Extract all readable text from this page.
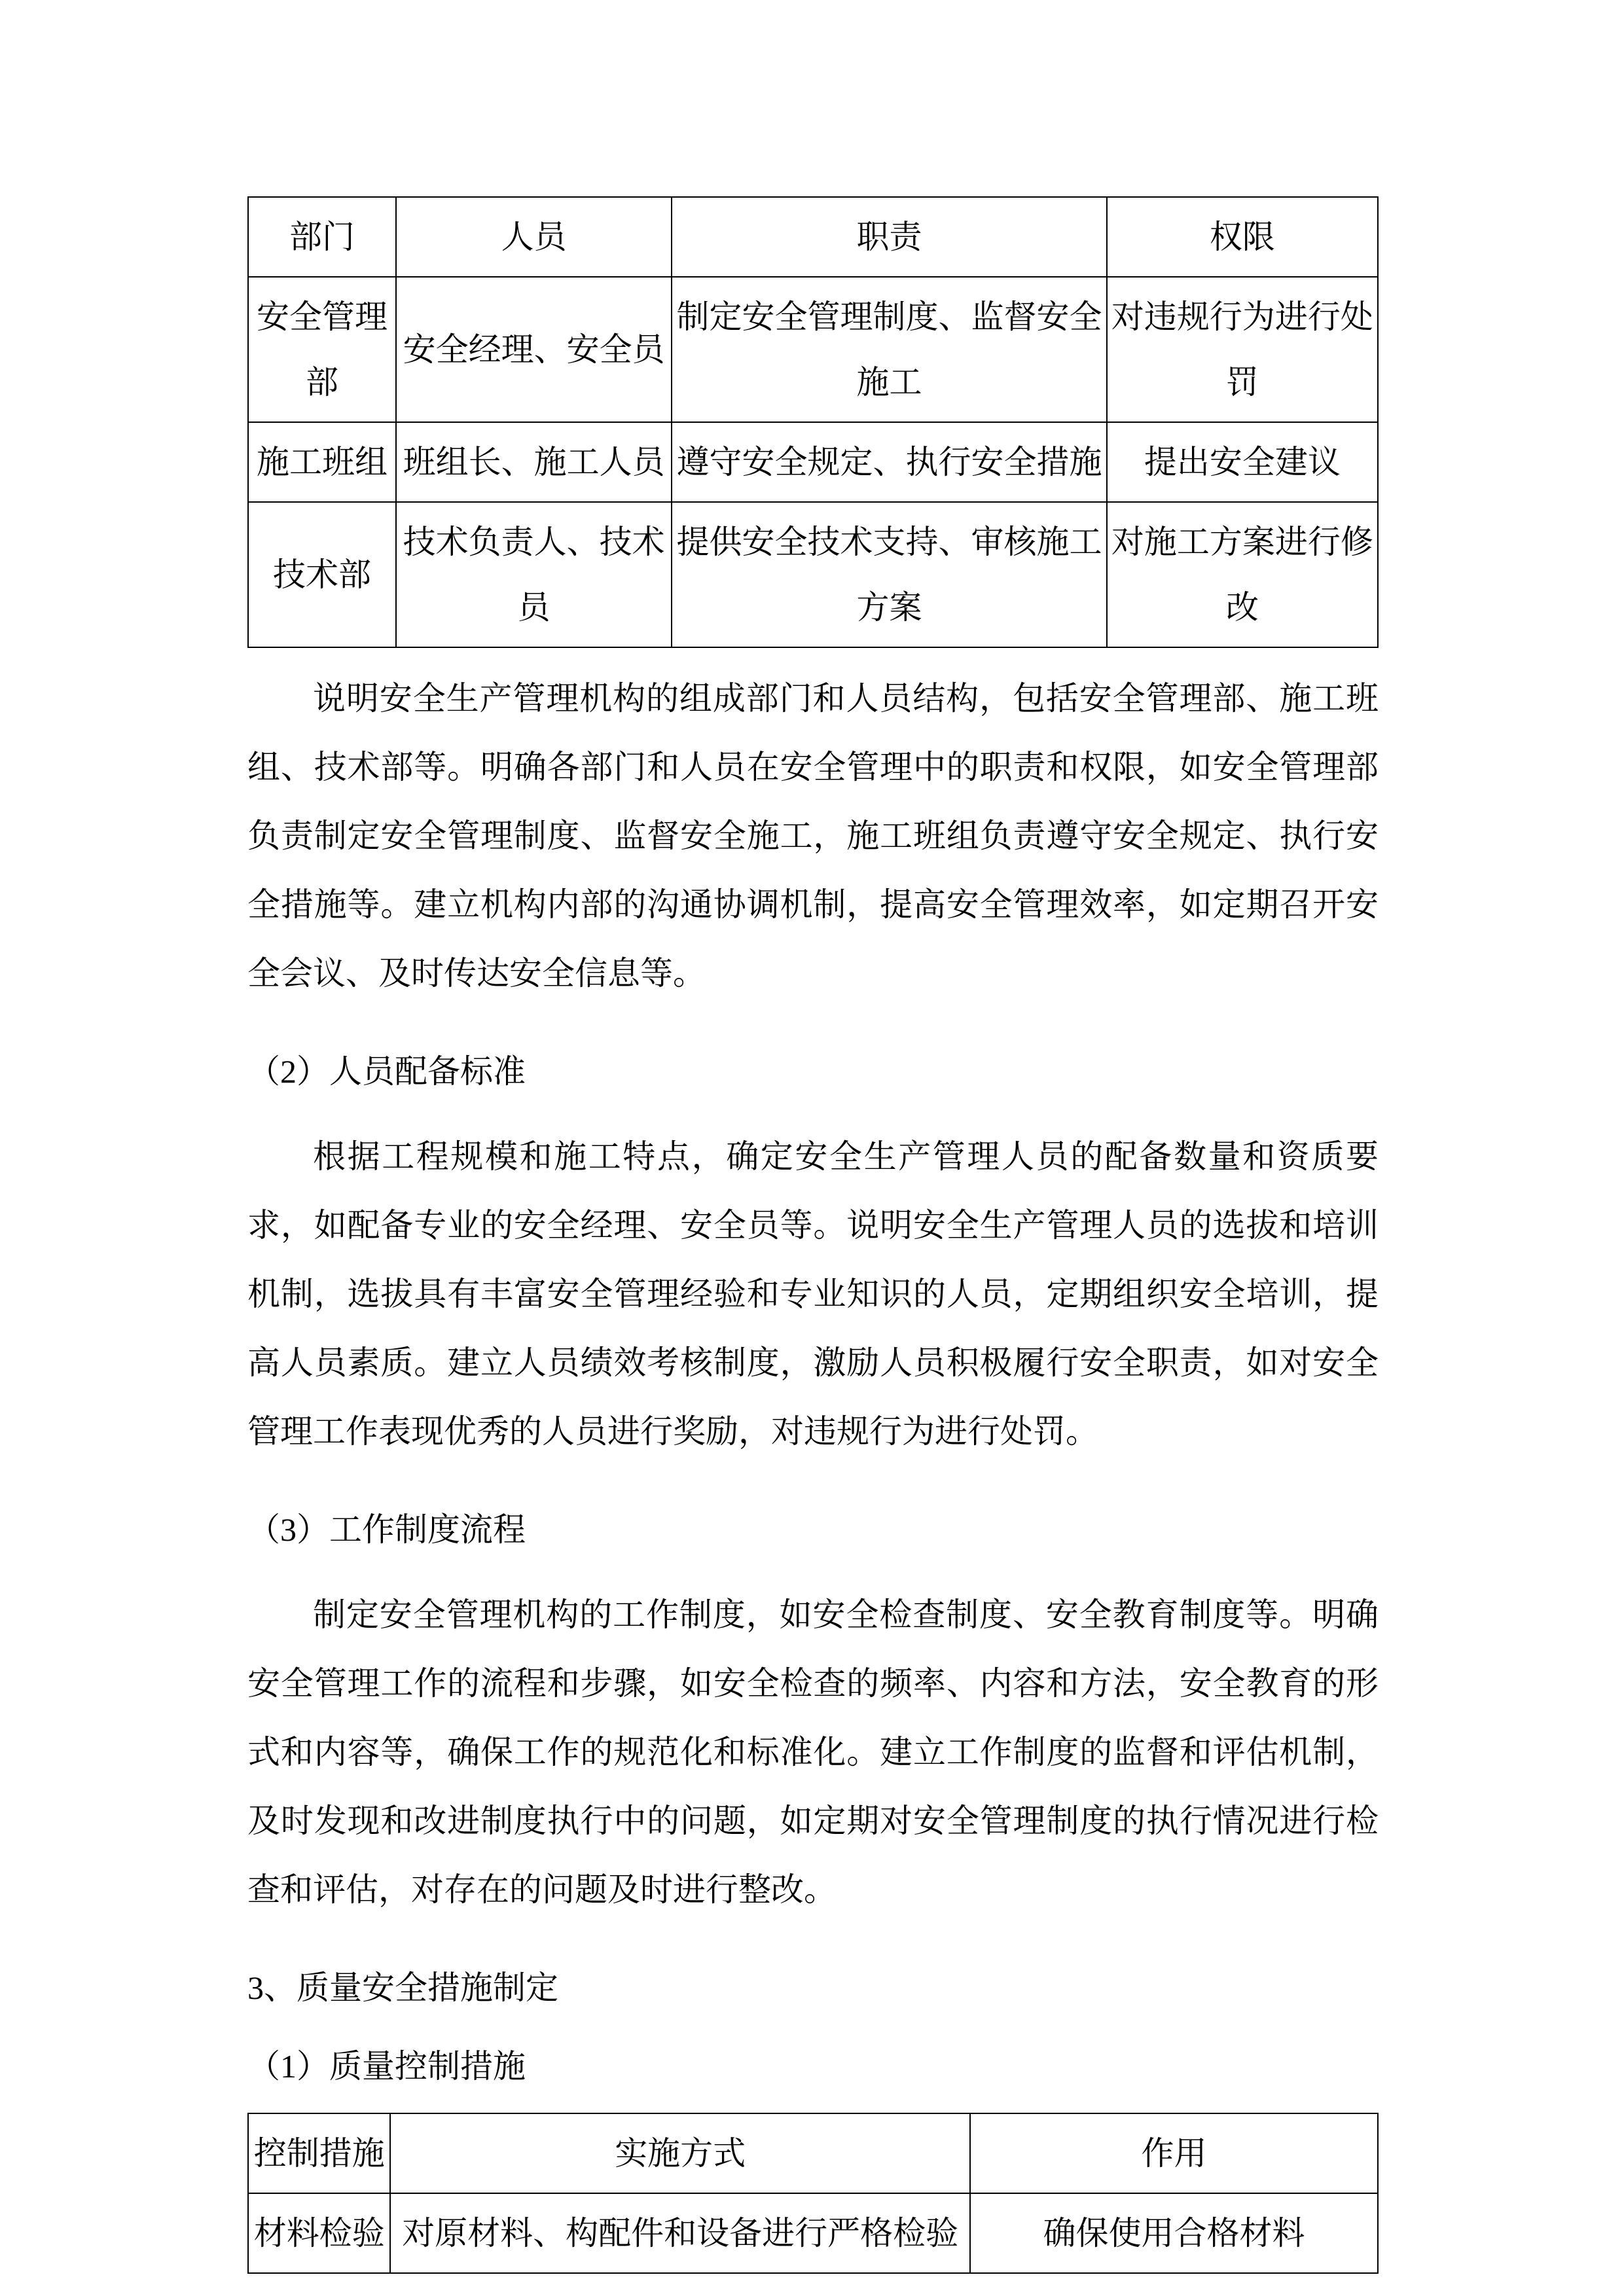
部门	人员	职责	权限
安全管理部	安全经理、安全员	制定安全管理制度、监督安全施工	对违规行为进行处罚
施工班组	班组长、施工人员	遵守安全规定、执行安全措施	提出安全建议
技术部	技术负责人、技术员	提供安全技术支持、审核施工方案	对施工方案进行修改

说明安全生产管理机构的组成部门和人员结构，包括安全管理部、施工班组、技术部等。明确各部门和人员在安全管理中的职责和权限，如安全管理部负责制定安全管理制度、监督安全施工，施工班组负责遵守安全规定、执行安全措施等。建立机构内部的沟通协调机制，提高安全管理效率，如定期召开安全会议、及时传达安全信息等。

（2）人员配备标准

根据工程规模和施工特点，确定安全生产管理人员的配备数量和资质要求，如配备专业的安全经理、安全员等。说明安全生产管理人员的选拔和培训机制，选拔具有丰富安全管理经验和专业知识的人员，定期组织安全培训，提高人员素质。建立人员绩效考核制度，激励人员积极履行安全职责，如对安全管理工作表现优秀的人员进行奖励，对违规行为进行处罚。

（3）工作制度流程

制定安全管理机构的工作制度，如安全检查制度、安全教育制度等。明确安全管理工作的流程和步骤，如安全检查的频率、内容和方法，安全教育的形式和内容等，确保工作的规范化和标准化。建立工作制度的监督和评估机制，及时发现和改进制度执行中的问题，如定期对安全管理制度的执行情况进行检查和评估，对存在的问题及时进行整改。

3、质量安全措施制定
（1）质量控制措施
控制措施	实施方式	作用
材料检验	对原材料、构配件和设备进行严格检验	确保使用合格材料
